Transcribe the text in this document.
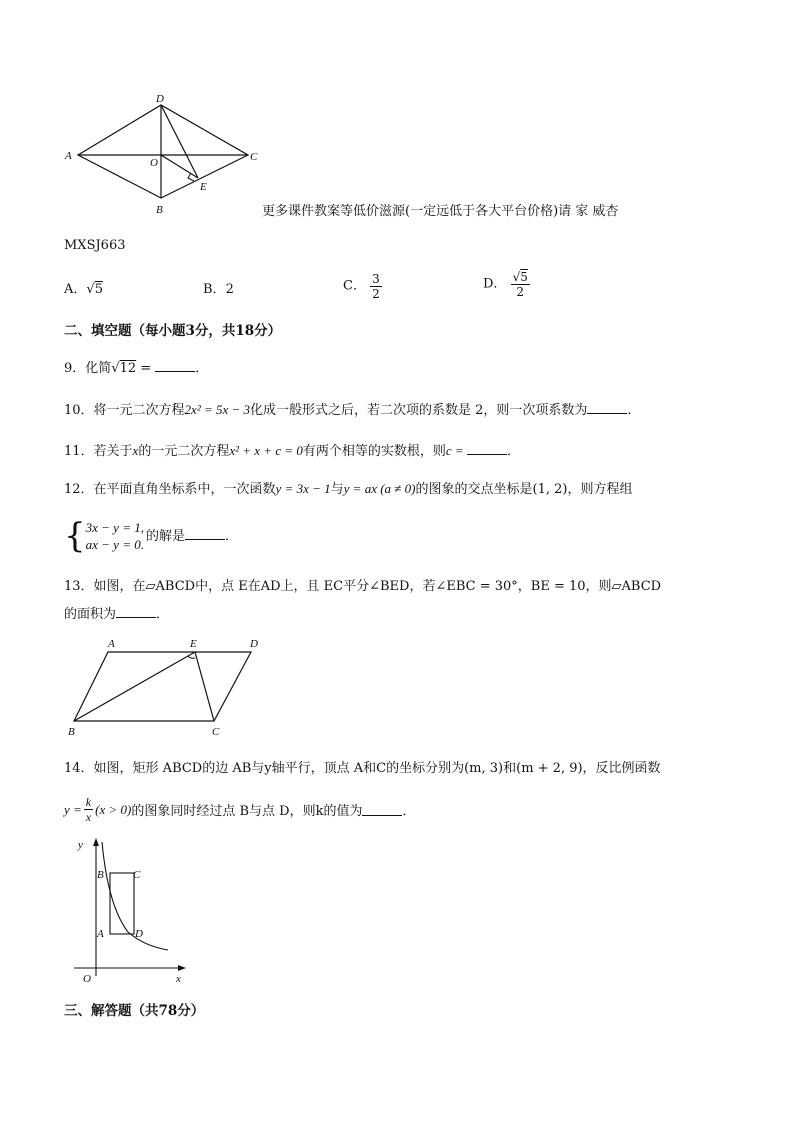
A
D
C
O
E
B	更多课件教案等低价滋源(一定远低于各大平台价格)请 家 威杏
MXSJ663
A．√5	B．2	C． $\frac{3}{2}$	D． $\frac{√5}{2}$
二、填空题（每小题3分，共18分）
9．化简√12 =	．
10．将一元二次方程2x² = 5x − 3化成一般形式之后，若二次项的系数是 2，则一次项系数为	．
11．若关于x的一元二次方程x² + x + c = 0有两个相等的实数根，则c =	．
12．在平面直角坐标系中，一次函数y = 3x − 1与y = ax (a ≠ 0)的图象的交点坐标是(1, 2)，则方程组
{ 3x − y = 1,
ax − y = 0.
的解是	．
13．如图，在▱ABCD中，点 E在AD上，且 EC平分∠BED，若∠EBC = 30°，BE = 10，则▱ABCD
的面积为	．
A	E	D
B	C
14．如图，矩形 ABCD的边 AB与y轴平行，顶点 A和C的坐标分别为(m, 3)和(m + 2, 9)，反比例函数
$y = \frac{k}{x} (x > 0)$ 的图象同时经过点 B与点 D，则k的值为	．
y
x
O
B	C
A	D
三、解答题（共78分）
